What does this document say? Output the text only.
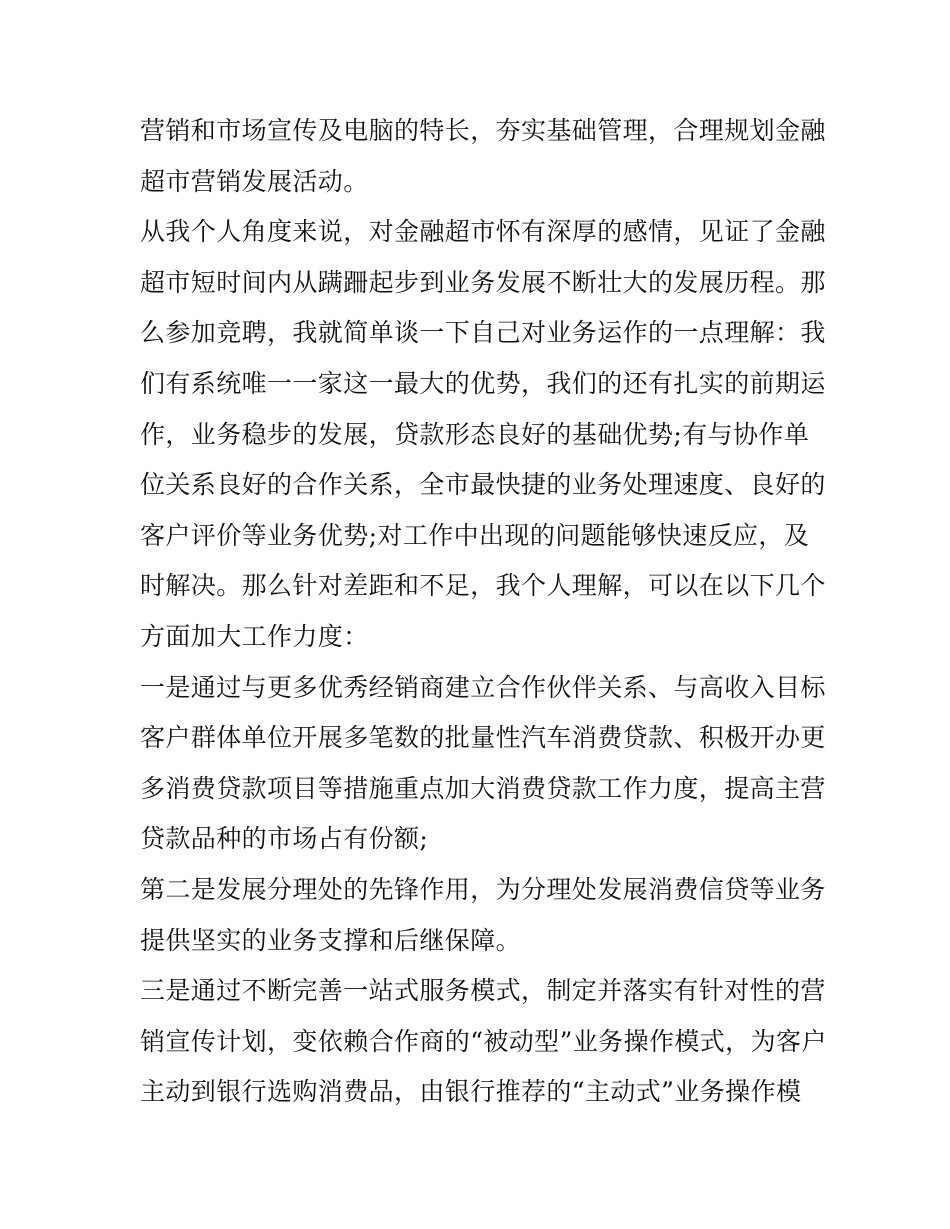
营销和市场宣传及电脑的特长，夯实基础管理，合理规划金融
超市营销发展活动。
从我个人角度来说，对金融超市怀有深厚的感情，见证了金融
超市短时间内从蹒跚起步到业务发展不断壮大的发展历程。那
么参加竞聘，我就简单谈一下自己对业务运作的一点理解：我
们有系统唯一一家这一最大的优势，我们的还有扎实的前期运
作，业务稳步的发展，贷款形态良好的基础优势;有与协作单
位关系良好的合作关系，全市最快捷的业务处理速度、良好的
客户评价等业务优势;对工作中出现的问题能够快速反应，及
时解决。那么针对差距和不足，我个人理解，可以在以下几个
方面加大工作力度：
一是通过与更多优秀经销商建立合作伙伴关系、与高收入目标
客户群体单位开展多笔数的批量性汽车消费贷款、积极开办更
多消费贷款项目等措施重点加大消费贷款工作力度，提高主营
贷款品种的市场占有份额;
第二是发展分理处的先锋作用，为分理处发展消费信贷等业务
提供坚实的业务支撑和后继保障。
三是通过不断完善一站式服务模式，制定并落实有针对性的营
销宣传计划，变依赖合作商的“被动型”业务操作模式，为客户
主动到银行选购消费品，由银行推荐的“主动式”业务操作模
